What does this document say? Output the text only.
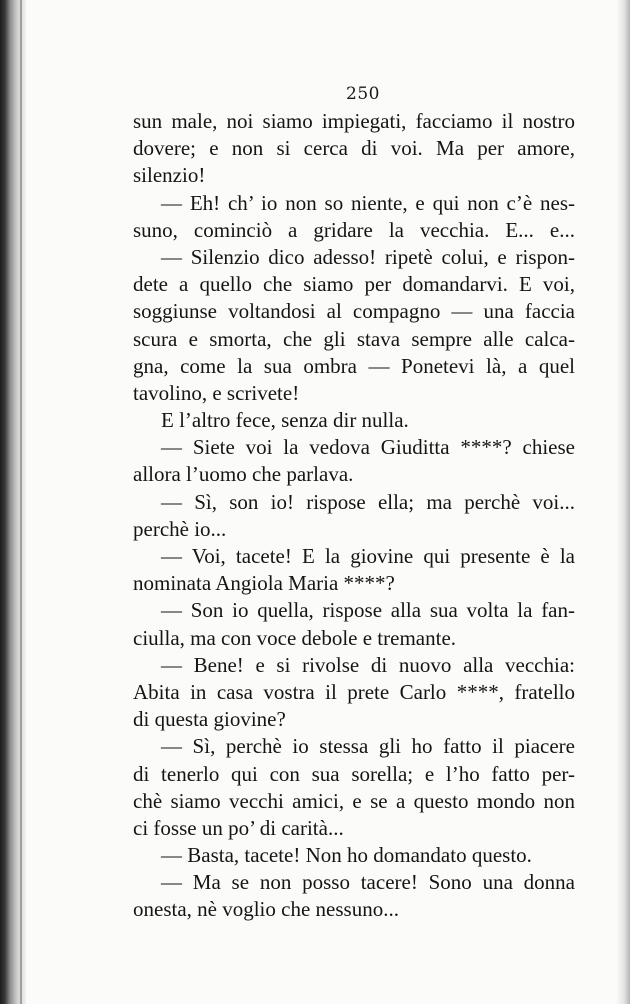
250
sun male, noi siamo impiegati, facciamo il nostro
dovere; e non si cerca di voi. Ma per amore,
silenzio!
— Eh! ch’ io non so niente, e qui non c’è nes-
suno, cominciò a gridare la vecchia. E... e...
— Silenzio dico adesso! ripetè colui, e rispon-
dete a quello che siamo per domandarvi. E voi,
soggiunse voltandosi al compagno — una faccia
scura e smorta, che gli stava sempre alle calca-
gna, come la sua ombra — Ponetevi là, a quel
tavolino, e scrivete!
E l’altro fece, senza dir nulla.
— Siete voi la vedova Giuditta ****? chiese
allora l’uomo che parlava.
— Sì, son io! rispose ella; ma perchè voi...
perchè io...
— Voi, tacete! E la giovine qui presente è la
nominata Angiola Maria ****?
— Son io quella, rispose alla sua volta la fan-
ciulla, ma con voce debole e tremante.
— Bene! e si rivolse di nuovo alla vecchia:
Abita in casa vostra il prete Carlo ****, fratello
di questa giovine?
— Sì, perchè io stessa gli ho fatto il piacere
di tenerlo qui con sua sorella; e l’ho fatto per-
chè siamo vecchi amici, e se a questo mondo non
ci fosse un po’ di carità...
— Basta, tacete! Non ho domandato questo.
— Ma se non posso tacere! Sono una donna
onesta, nè voglio che nessuno...
